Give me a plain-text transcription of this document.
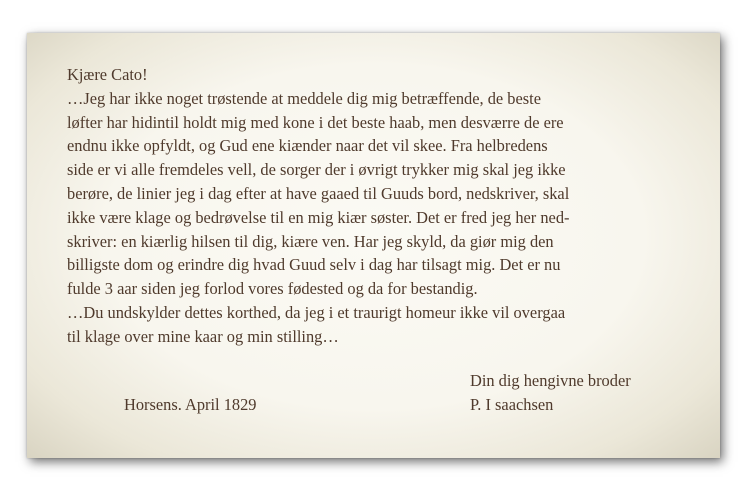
Kjære Cato!
…Jeg har ikke noget trøstende at meddele dig mig betræffende, de beste
løfter har hidintil holdt mig med kone i det beste haab, men desværre de ere
endnu ikke opfyldt, og Gud ene kiænder naar det vil skee. Fra helbredens
side er vi alle fremdeles vell, de sorger der i øvrigt trykker mig skal jeg ikke
berøre, de linier jeg i dag efter at have gaaed til Guuds bord, nedskriver, skal
ikke være klage og bedrøvelse til en mig kiær søster. Det er fred jeg her ned-
skriver: en kiærlig hilsen til dig, kiære ven. Har jeg skyld, da giør mig den
billigste dom og erindre dig hvad Guud selv i dag har tilsagt mig. Det er nu
fulde 3 aar siden jeg forlod vores fødested og da for bestandig.
…Du undskylder dettes korthed, da jeg i et traurigt homeur ikke vil overgaa
til klage over mine kaar og min stilling…
Horsens. April 1829
Din dig hengivne broder
P. I saachsen
